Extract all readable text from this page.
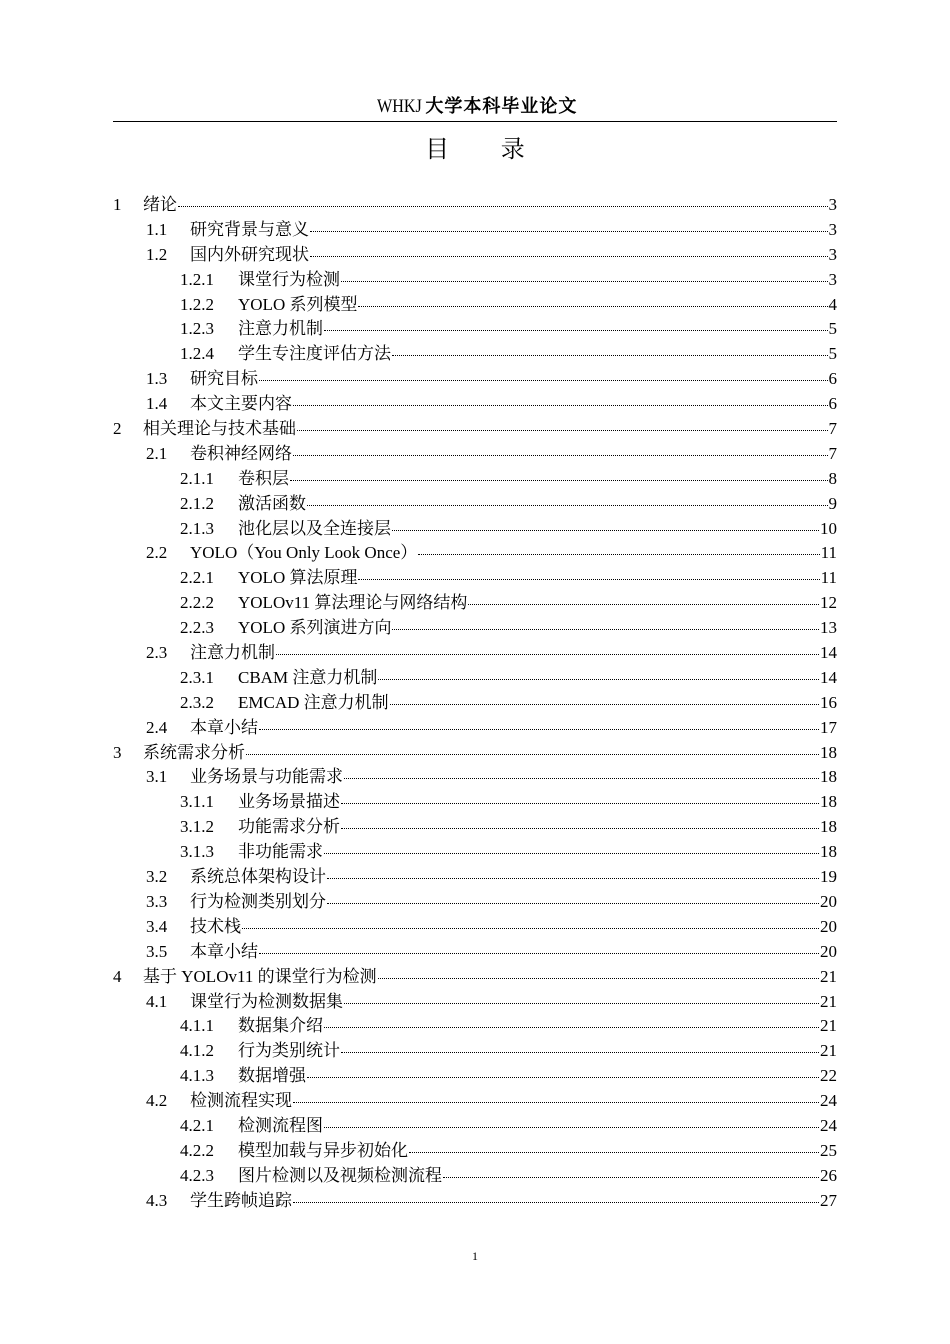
WHKJ 大学本科毕业论文
目 录
1	绪论	3
1.1	研究背景与意义	3
1.2	国内外研究现状	3
1.2.1	课堂行为检测	3
1.2.2	YOLO 系列模型	4
1.2.3	注意力机制	5
1.2.4	学生专注度评估方法	5
1.3	研究目标	6
1.4	本文主要内容	6
2	相关理论与技术基础	7
2.1	卷积神经网络	7
2.1.1	卷积层	8
2.1.2	激活函数	9
2.1.3	池化层以及全连接层	10
2.2	YOLO（You Only Look Once）	11
2.2.1	YOLO 算法原理	11
2.2.2	YOLOv11 算法理论与网络结构	12
2.2.3	YOLO 系列演进方向	13
2.3	注意力机制	14
2.3.1	CBAM 注意力机制	14
2.3.2	EMCAD 注意力机制	16
2.4	本章小结	17
3	系统需求分析	18
3.1	业务场景与功能需求	18
3.1.1	业务场景描述	18
3.1.2	功能需求分析	18
3.1.3	非功能需求	18
3.2	系统总体架构设计	19
3.3	行为检测类别划分	20
3.4	技术栈	20
3.5	本章小结	20
4	基于 YOLOv11 的课堂行为检测	21
4.1	课堂行为检测数据集	21
4.1.1	数据集介绍	21
4.1.2	行为类别统计	21
4.1.3	数据增强	22
4.2	检测流程实现	24
4.2.1	检测流程图	24
4.2.2	模型加载与异步初始化	25
4.2.3	图片检测以及视频检测流程	26
4.3	学生跨帧追踪	27
1
